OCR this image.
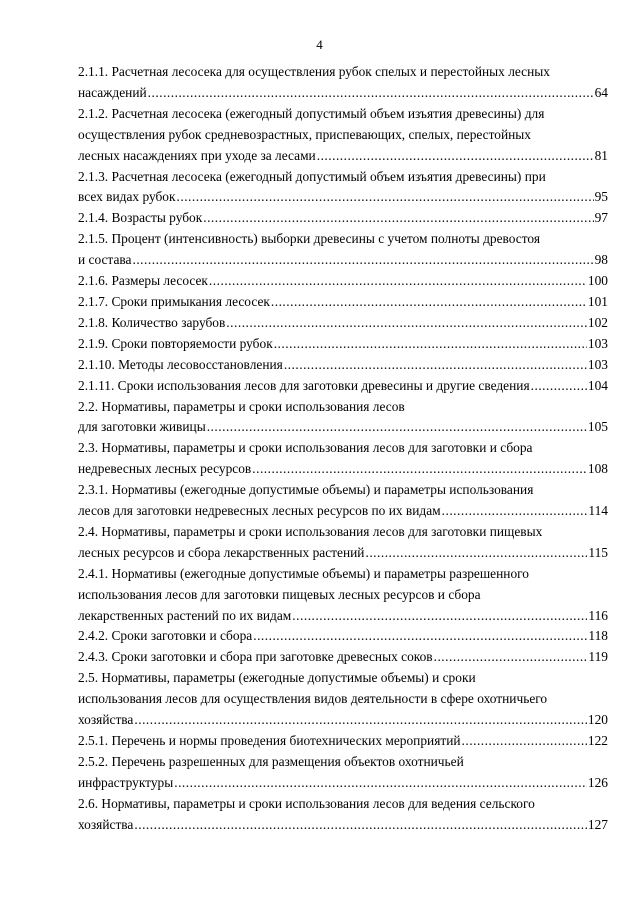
4
2.1.1. Расчетная лесосека для осуществления рубок спелых и перестойных лесных
насаждений .....	64
2.1.2. Расчетная лесосека (ежегодный допустимый объем изъятия древесины) для
осуществления рубок средневозрастных, приспевающих, спелых, перестойных
лесных насаждениях при уходе за лесами .....	81
2.1.3. Расчетная лесосека (ежегодный допустимый объем изъятия древесины) при
всех видах рубок .....	95
2.1.4. Возрасты рубок .....	97
2.1.5. Процент (интенсивность) выборки древесины с учетом полноты древостоя
и состава .....	98
2.1.6. Размеры лесосек .....	100
2.1.7. Сроки примыкания лесосек .....	101
2.1.8. Количество зарубов .....	102
2.1.9. Сроки повторяемости рубок .....	103
2.1.10. Методы лесовосстановления .....	103
2.1.11. Сроки использования лесов для заготовки древесины и другие сведения .....	104
2.2. Нормативы, параметры и сроки использования лесов
для заготовки живицы .....	105
2.3. Нормативы, параметры и сроки использования лесов для заготовки и сбора
недревесных лесных ресурсов .....	108
2.3.1. Нормативы (ежегодные допустимые объемы) и параметры использования
лесов для заготовки недревесных лесных ресурсов по их видам .....	114
2.4. Нормативы, параметры и сроки использования лесов для заготовки пищевых
лесных ресурсов и сбора лекарственных растений .....	115
2.4.1. Нормативы (ежегодные допустимые объемы) и параметры разрешенного
использования лесов для заготовки пищевых лесных ресурсов и сбора
лекарственных растений по их видам .....	116
2.4.2. Сроки заготовки и сбора .....	118
2.4.3. Сроки заготовки и сбора при заготовке древесных соков .....	119
2.5. Нормативы, параметры (ежегодные допустимые объемы) и сроки
использования лесов для осуществления видов деятельности в сфере охотничьего
хозяйства .....	120
2.5.1. Перечень и нормы проведения биотехнических мероприятий .....	122
2.5.2. Перечень разрешенных для размещения объектов охотничьей
инфраструктуры .....	126
2.6. Нормативы, параметры и сроки использования лесов для ведения сельского
хозяйства .....	127
